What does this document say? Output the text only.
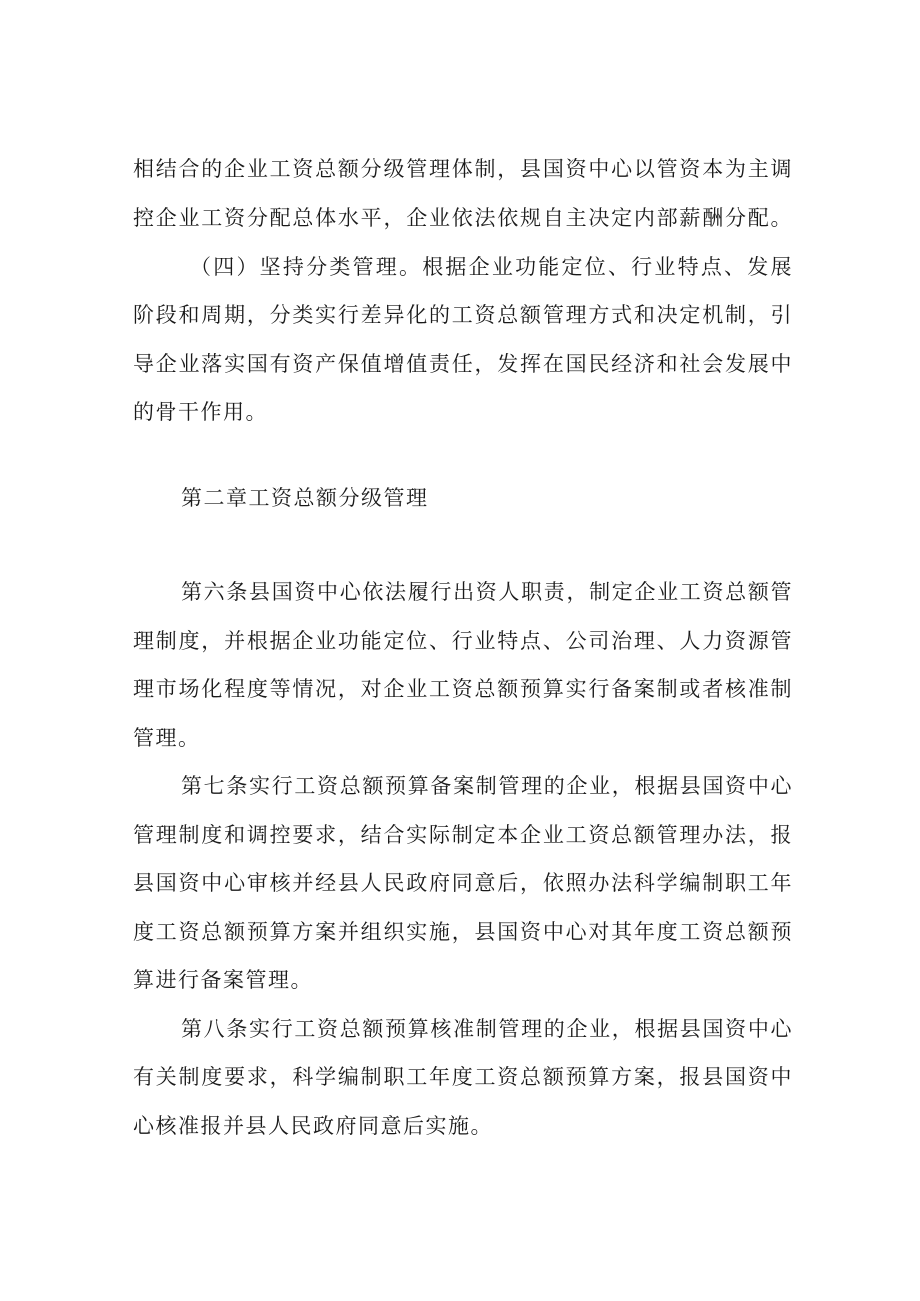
相结合的企业工资总额分级管理体制，县国资中心以管资本为主调
控企业工资分配总体水平，企业依法依规自主决定内部薪酬分配。
（四）坚持分类管理。根据企业功能定位、行业特点、发展
阶段和周期，分类实行差异化的工资总额管理方式和决定机制，引
导企业落实国有资产保值增值责任，发挥在国民经济和社会发展中
的骨干作用。
第二章工资总额分级管理
第六条县国资中心依法履行出资人职责，制定企业工资总额管
理制度，并根据企业功能定位、行业特点、公司治理、人力资源管
理市场化程度等情况，对企业工资总额预算实行备案制或者核准制
管理。
第七条实行工资总额预算备案制管理的企业，根据县国资中心
管理制度和调控要求，结合实际制定本企业工资总额管理办法，报
县国资中心审核并经县人民政府同意后，依照办法科学编制职工年
度工资总额预算方案并组织实施，县国资中心对其年度工资总额预
算进行备案管理。
第八条实行工资总额预算核准制管理的企业，根据县国资中心
有关制度要求，科学编制职工年度工资总额预算方案，报县国资中
心核准报并县人民政府同意后实施。
